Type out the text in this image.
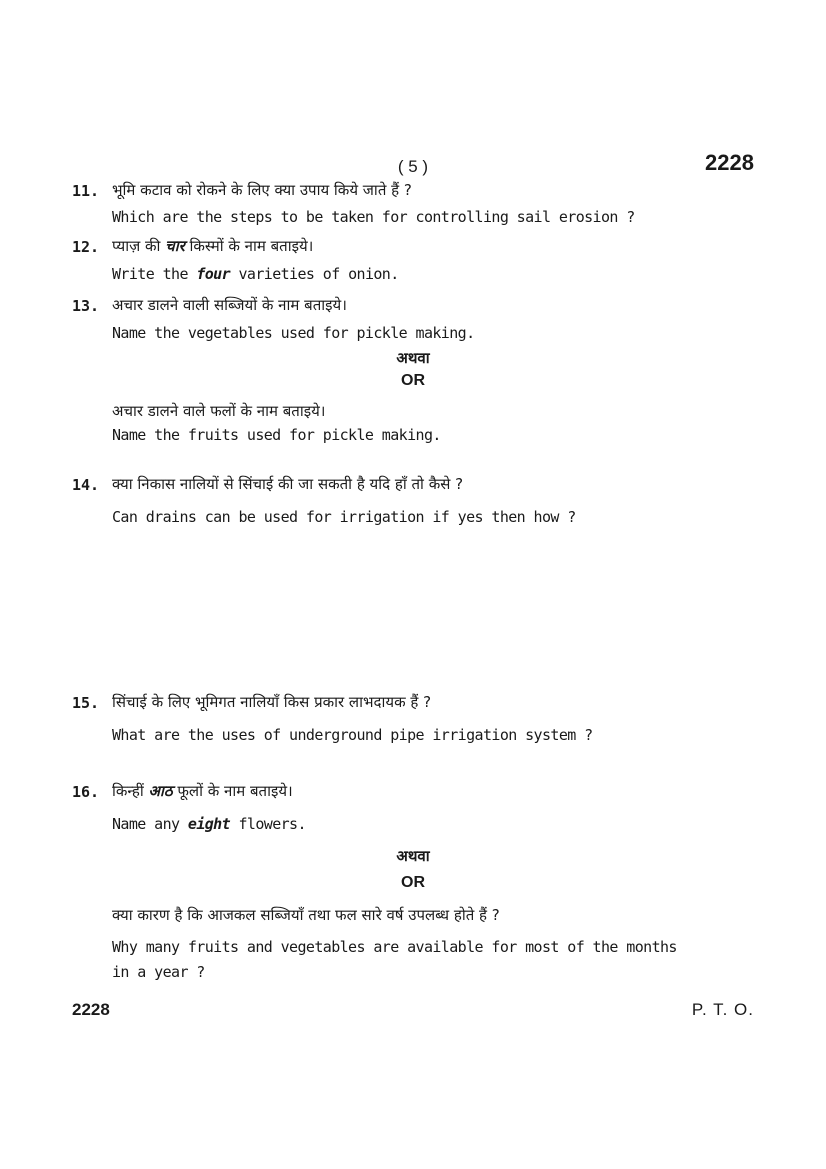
( 5 )	2228
11. भूमि कटाव को रोकने के लिए क्या उपाय किये जाते हैं ?
Which are the steps to be taken for controlling sail erosion ?
12. प्याज़ की चार किस्मों के नाम बताइये।
Write the four varieties of onion.
13. अचार डालने वाली सब्जियों के नाम बताइये।
Name the vegetables used for pickle making.
अचार डालने वाले फलों के नाम बताइये।
Name the fruits used for pickle making.
अथवा
OR
14. क्या निकास नालियों से सिंचाई की जा सकती है यदि हाँ तो कैसे ?
Can drains can be used for irrigation if yes then how ?
15. सिंचाई के लिए भूमिगत नालियाँ किस प्रकार लाभदायक हैं ?
What are the uses of underground pipe irrigation system ?
16. किन्हीं आठ फूलों के नाम बताइये।
Name any eight flowers.
क्या कारण है कि आजकल सब्जियाँ तथा फल सारे वर्ष उपलब्ध होते हैं ?
Why many fruits and vegetables are available for most of the months
in a year ?
अथवा
OR
2228	P. T. O.
